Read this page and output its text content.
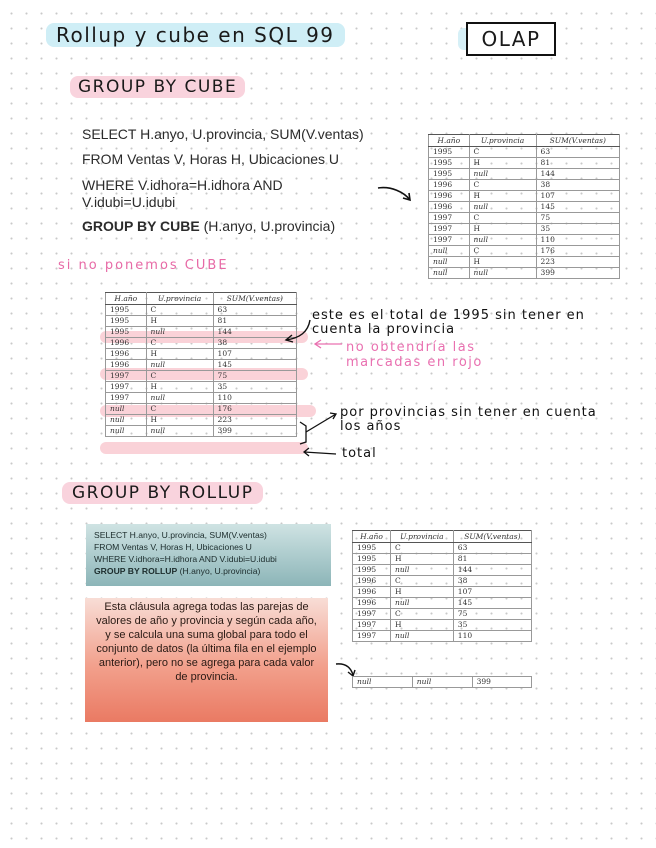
Rollup y cube en SQL 99	OLAP
GROUP BY CUBE
SELECT H.anyo, U.provincia, SUM(V.ventas)
FROM Ventas V, Horas H, Ubicaciones U
WHERE V.idhora=H.idhora AND
V.idubi=U.idubi
GROUP BY CUBE (H.anyo, U.provincia)
H.año	U.provincia	SUM(V.ventas)
1995	C	63
1995	H	81
1995	null	144
1996	C	38
1996	H	107
1996	null	145
1997	C	75
1997	H	35
1997	null	110
null	C	176
null	H	223
null	null	399
si no ponemos CUBE
H.año	U.provincia	SUM(V.ventas)
1995	C	63
1995	H	81
1995	null	144
1996	C	38
1996	H	107
1996	null	145
1997	C	75
1997	H	35
1997	null	110
null	C	176
null	H	223
null	null	399
este es el total de 1995 sin tener en cuenta la provincia
no obtendría las marcadas en rojo
por provincias sin tener en cuenta los años
total
GROUP BY ROLLUP
SELECT H.anyo, U.provincia, SUM(V.ventas)
FROM Ventas V, Horas H, Ubicaciones U
WHERE V.idhora=H.idhora AND V.idubi=U.idubi
GROUP BY ROLLUP (H.anyo, U.provincia)
Esta cláusula agrega todas las parejas de valores de año y provincia y según cada año, y se calcula una suma global para todo el conjunto de datos (la última fila en el ejemplo anterior), pero no se agrega para cada valor de provincia.
H.año	U.provincia	SUM(V.ventas)
1995	C	63
1995	H	81
1995	null	144
1996	C	38
1996	H	107
1996	null	145
1997	C	75
1997	H	35
1997	null	110
null	null	399
